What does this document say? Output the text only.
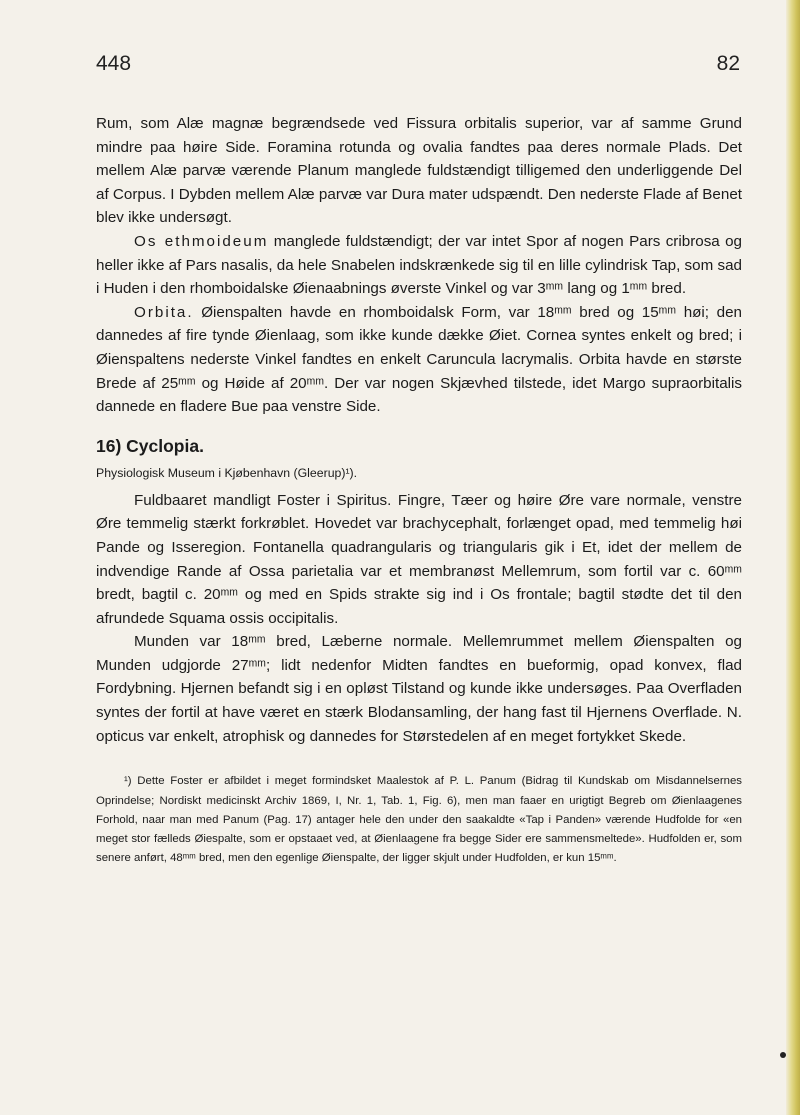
448	82

Rum, som Alæ magnæ begrændsede ved Fissura orbitalis superior, var af samme Grund mindre paa høire Side. Foramina rotunda og ovalia fandtes paa deres normale Plads. Det mellem Alæ parvæ værende Planum manglede fuldstændigt tilligemed den underliggende Del af Corpus. I Dybden mellem Alæ parvæ var Dura mater udspændt. Den nederste Flade af Benet blev ikke undersøgt.

Os ethmoideum manglede fuldstændigt; der var intet Spor af nogen Pars cribrosa og heller ikke af Pars nasalis, da hele Snabelen indskrænkede sig til en lille cylindrisk Tap, som sad i Huden i den rhomboidalske Øienaabnings øverste Vinkel og var 3ᵐᵐ lang og 1ᵐᵐ bred.

Orbita. Øienspalten havde en rhomboidalsk Form, var 18ᵐᵐ bred og 15ᵐᵐ høi; den dannedes af fire tynde Øienlaag, som ikke kunde dække Øiet. Cornea syntes enkelt og bred; i Øienspaltens nederste Vinkel fandtes en enkelt Caruncula lacrymalis. Orbita havde en største Brede af 25ᵐᵐ og Høide af 20ᵐᵐ. Der var nogen Skjævhed tilstede, idet Margo supraorbitalis dannede en fladere Bue paa venstre Side.

16) Cyclopia.
Physiologisk Museum i Kjøbenhavn (Gleerup)¹).

Fuldbaaret mandligt Foster i Spiritus. Fingre, Tæer og høire Øre vare normale, venstre Øre temmelig stærkt forkrøblet. Hovedet var brachycephalt, forlænget opad, med temmelig høi Pande og Isseregion. Fontanella quadrangularis og triangularis gik i Et, idet der mellem de indvendige Rande af Ossa parietalia var et membranøst Mellemrum, som fortil var c. 60ᵐᵐ bredt, bagtil c. 20ᵐᵐ og med en Spids strakte sig ind i Os frontale; bagtil stødte det til den afrundede Squama ossis occipitalis.

Munden var 18ᵐᵐ bred, Læberne normale. Mellemrummet mellem Øienspalten og Munden udgjorde 27ᵐᵐ; lidt nedenfor Midten fandtes en bueformig, opad konvex, flad Fordybning. Hjernen befandt sig i en opløst Tilstand og kunde ikke undersøges. Paa Overfladen syntes der fortil at have været en stærk Blodansamling, der hang fast til Hjernens Overflade. N. opticus var enkelt, atrophisk og dannedes for Størstedelen af en meget fortykket Skede.

¹) Dette Foster er afbildet i meget formindsket Maalestok af P. L. Panum (Bidrag til Kundskab om Misdannelsernes Oprindelse; Nordiskt medicinskt Archiv 1869, I, Nr. 1, Tab. 1, Fig. 6), men man faaer en urigtigt Begreb om Øienlaagenes Forhold, naar man med Panum (Pag. 17) antager hele den under den saakaldte «Tap i Panden» værende Hudfolde for «en meget stor fælleds Øiespalte, som er opstaaet ved, at Øienlaagene fra begge Sider ere sammensmeltede». Hudfolden er, som senere anført, 48ᵐᵐ bred, men den egenlige Øienspalte, der ligger skjult under Hudfolden, er kun 15ᵐᵐ.
